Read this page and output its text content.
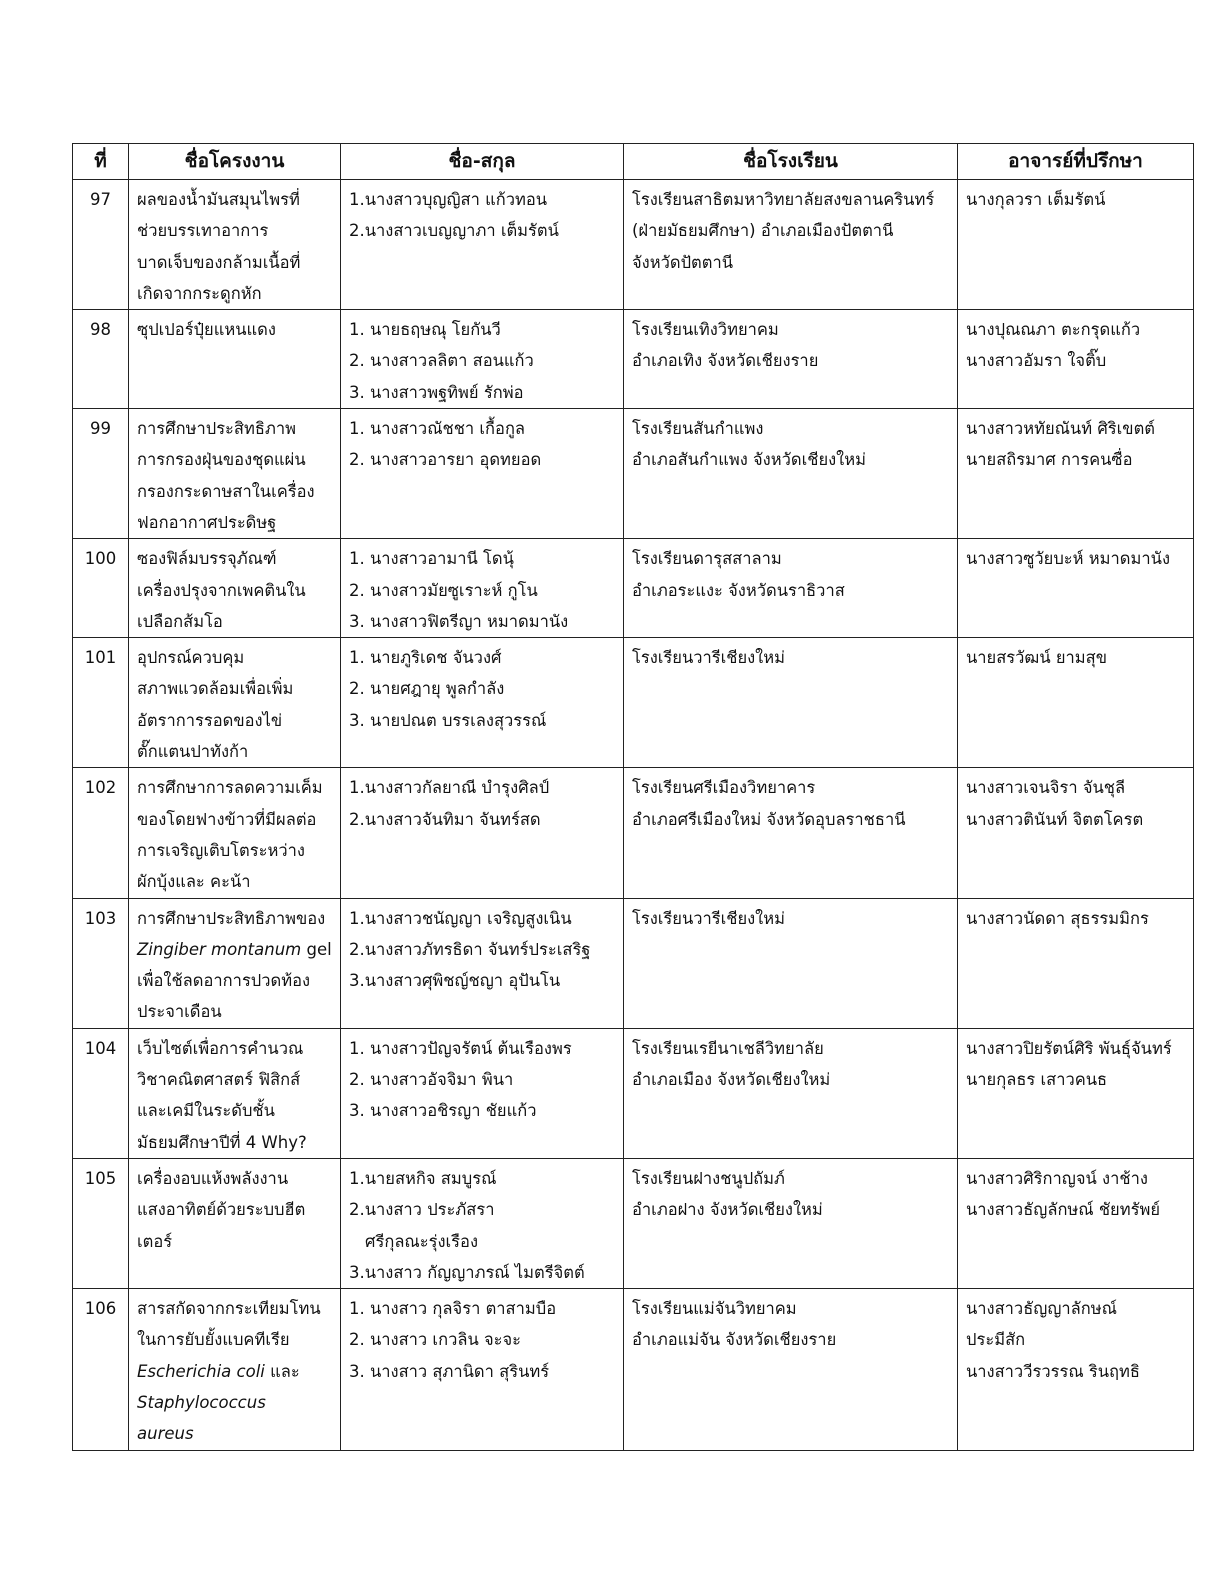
ที่	ชื่อโครงงาน	ชื่อ-สกุล	ชื่อโรงเรียน	อาจารย์ที่ปรึกษา
97	ผลของน้ำมันสมุนไพรที่
ช่วยบรรเทาอาการ
บาดเจ็บของกล้ามเนื้อที่
เกิดจากกระดูกหัก	1.นางสาวบุญญิสา แก้วทอน
2.นางสาวเบญญาภา เต็มรัตน์	โรงเรียนสาธิตมหาวิทยาลัยสงขลานครินทร์
(ฝ่ายมัธยมศึกษา) อำเภอเมืองปัตตานี
จังหวัดปัตตานี	นางกุลวรา เต็มรัตน์

98	ซุปเปอร์ปุ๋ยแหนแดง	1. นายธฤษณุ โยกันวี
2. นางสาวลลิตา สอนแก้ว
3. นางสาวพฐทิพย์ รักพ่อ	โรงเรียนเทิงวิทยาคม
อำเภอเทิง จังหวัดเชียงราย	นางปุณณภา ตะกรุดแก้ว
นางสาวอัมรา ใจติ๊บ

99	การศึกษาประสิทธิภาพ
การกรองฝุ่นของชุดแผ่น
กรองกระดาษสาในเครื่อง
ฟอกอากาศประดิษฐ	1. นางสาวณัชชา เกื้อกูล
2. นางสาวอารยา อุดทยอด	โรงเรียนสันกำแพง
อำเภอสันกำแพง จังหวัดเชียงใหม่	นางสาวหทัยณันท์ ศิริเขตต์
นายสถิรมาศ การคนซื่อ

100	ซองฟิล์มบรรจุภัณฑ์
เครื่องปรุงจากเพคตินใน
เปลือกส้มโอ	1. นางสาวอามานี โดนุ้
2. นางสาวมัยซูเราะห์ กูโน
3. นางสาวฟิตรีญา หมาดมานัง	โรงเรียนดารุสสาลาม
อำเภอระแงะ จังหวัดนราธิวาส	นางสาวซูวัยบะห์ หมาดมานัง

101	อุปกรณ์ควบคุม
สภาพแวดล้อมเพื่อเพิ่ม
อัตราการรอดของไข่
ตั๊กแตนปาทังก้า	1. นายภูริเดช จันวงศ์
2. นายศฎายุ พูลกำลัง
3. นายปณต บรรเลงสุวรรณ์	โรงเรียนวารีเชียงใหม่	นายสรวัฒน์ ยามสุข

102	การศึกษาการลดความเค็ม
ของโดยฟางข้าวที่มีผลต่อ
การเจริญเติบโตระหว่าง
ผักบุ้งและ คะน้า	1.นางสาวกัลยาณี บำรุงศิลป์
2.นางสาวจันทิมา จันทร์สด	โรงเรียนศรีเมืองวิทยาคาร
อำเภอศรีเมืองใหม่ จังหวัดอุบลราชธานี	นางสาวเจนจิรา จันชุลี
นางสาวตินันท์ จิตตโครต

103	การศึกษาประสิทธิภาพของ
Zingiber montanum gel
เพื่อใช้ลดอาการปวดท้อง
ประจาเดือน	1.นางสาวชนัญญา เจริญสูงเนิน
2.นางสาวภัทรธิดา จันทร์ประเสริฐ
3.นางสาวศุพิชญ์ชญา อุปันโน	โรงเรียนวารีเชียงใหม่	นางสาวนัดดา สุธรรมมิกร

104	เว็บไซต์เพื่อการคำนวณ
วิชาคณิตศาสตร์ ฟิสิกส์
และเคมีในระดับชั้น
มัธยมศึกษาปีที่ 4 Why?	1. นางสาวปัญจรัตน์ ต้นเรืองพร
2. นางสาวอัจจิมา พินา
3. นางสาวอชิรญา ชัยแก้ว	โรงเรียนเรยีนาเชลีวิทยาลัย
อำเภอเมือง จังหวัดเชียงใหม่	นางสาวปิยรัตน์ศิริ พันธุ์จันทร์
นายกุลธร เสาวคนธ

105	เครื่องอบแห้งพลังงาน
แสงอาทิตย์ด้วยระบบฮีต
เตอร์	1.นายสหกิจ สมบูรณ์
2.นางสาว ประภัสรา
ศรีกุลณะรุ่งเรือง
3.นางสาว กัญญาภรณ์ ไมตรีจิตต์	โรงเรียนฝางชนูปถัมภ์
อำเภอฝาง จังหวัดเชียงใหม่	นางสาวศิริกาญจน์ งาช้าง
นางสาวธัญลักษณ์ ชัยทรัพย์

106	สารสกัดจากกระเทียมโทน
ในการยับยั้งแบคทีเรีย
Escherichia coli และ
Staphylococcus
aureus	1. นางสาว กุลจิรา ตาสามบือ
2. นางสาว เกวลิน จะจะ
3. นางสาว สุภานิดา สุรินทร์	โรงเรียนแม่จันวิทยาคม
อำเภอแม่จัน จังหวัดเชียงราย	นางสาวธัญญาลักษณ์
ประมีสัก
นางสาววีรวรรณ รินฤทธิ
